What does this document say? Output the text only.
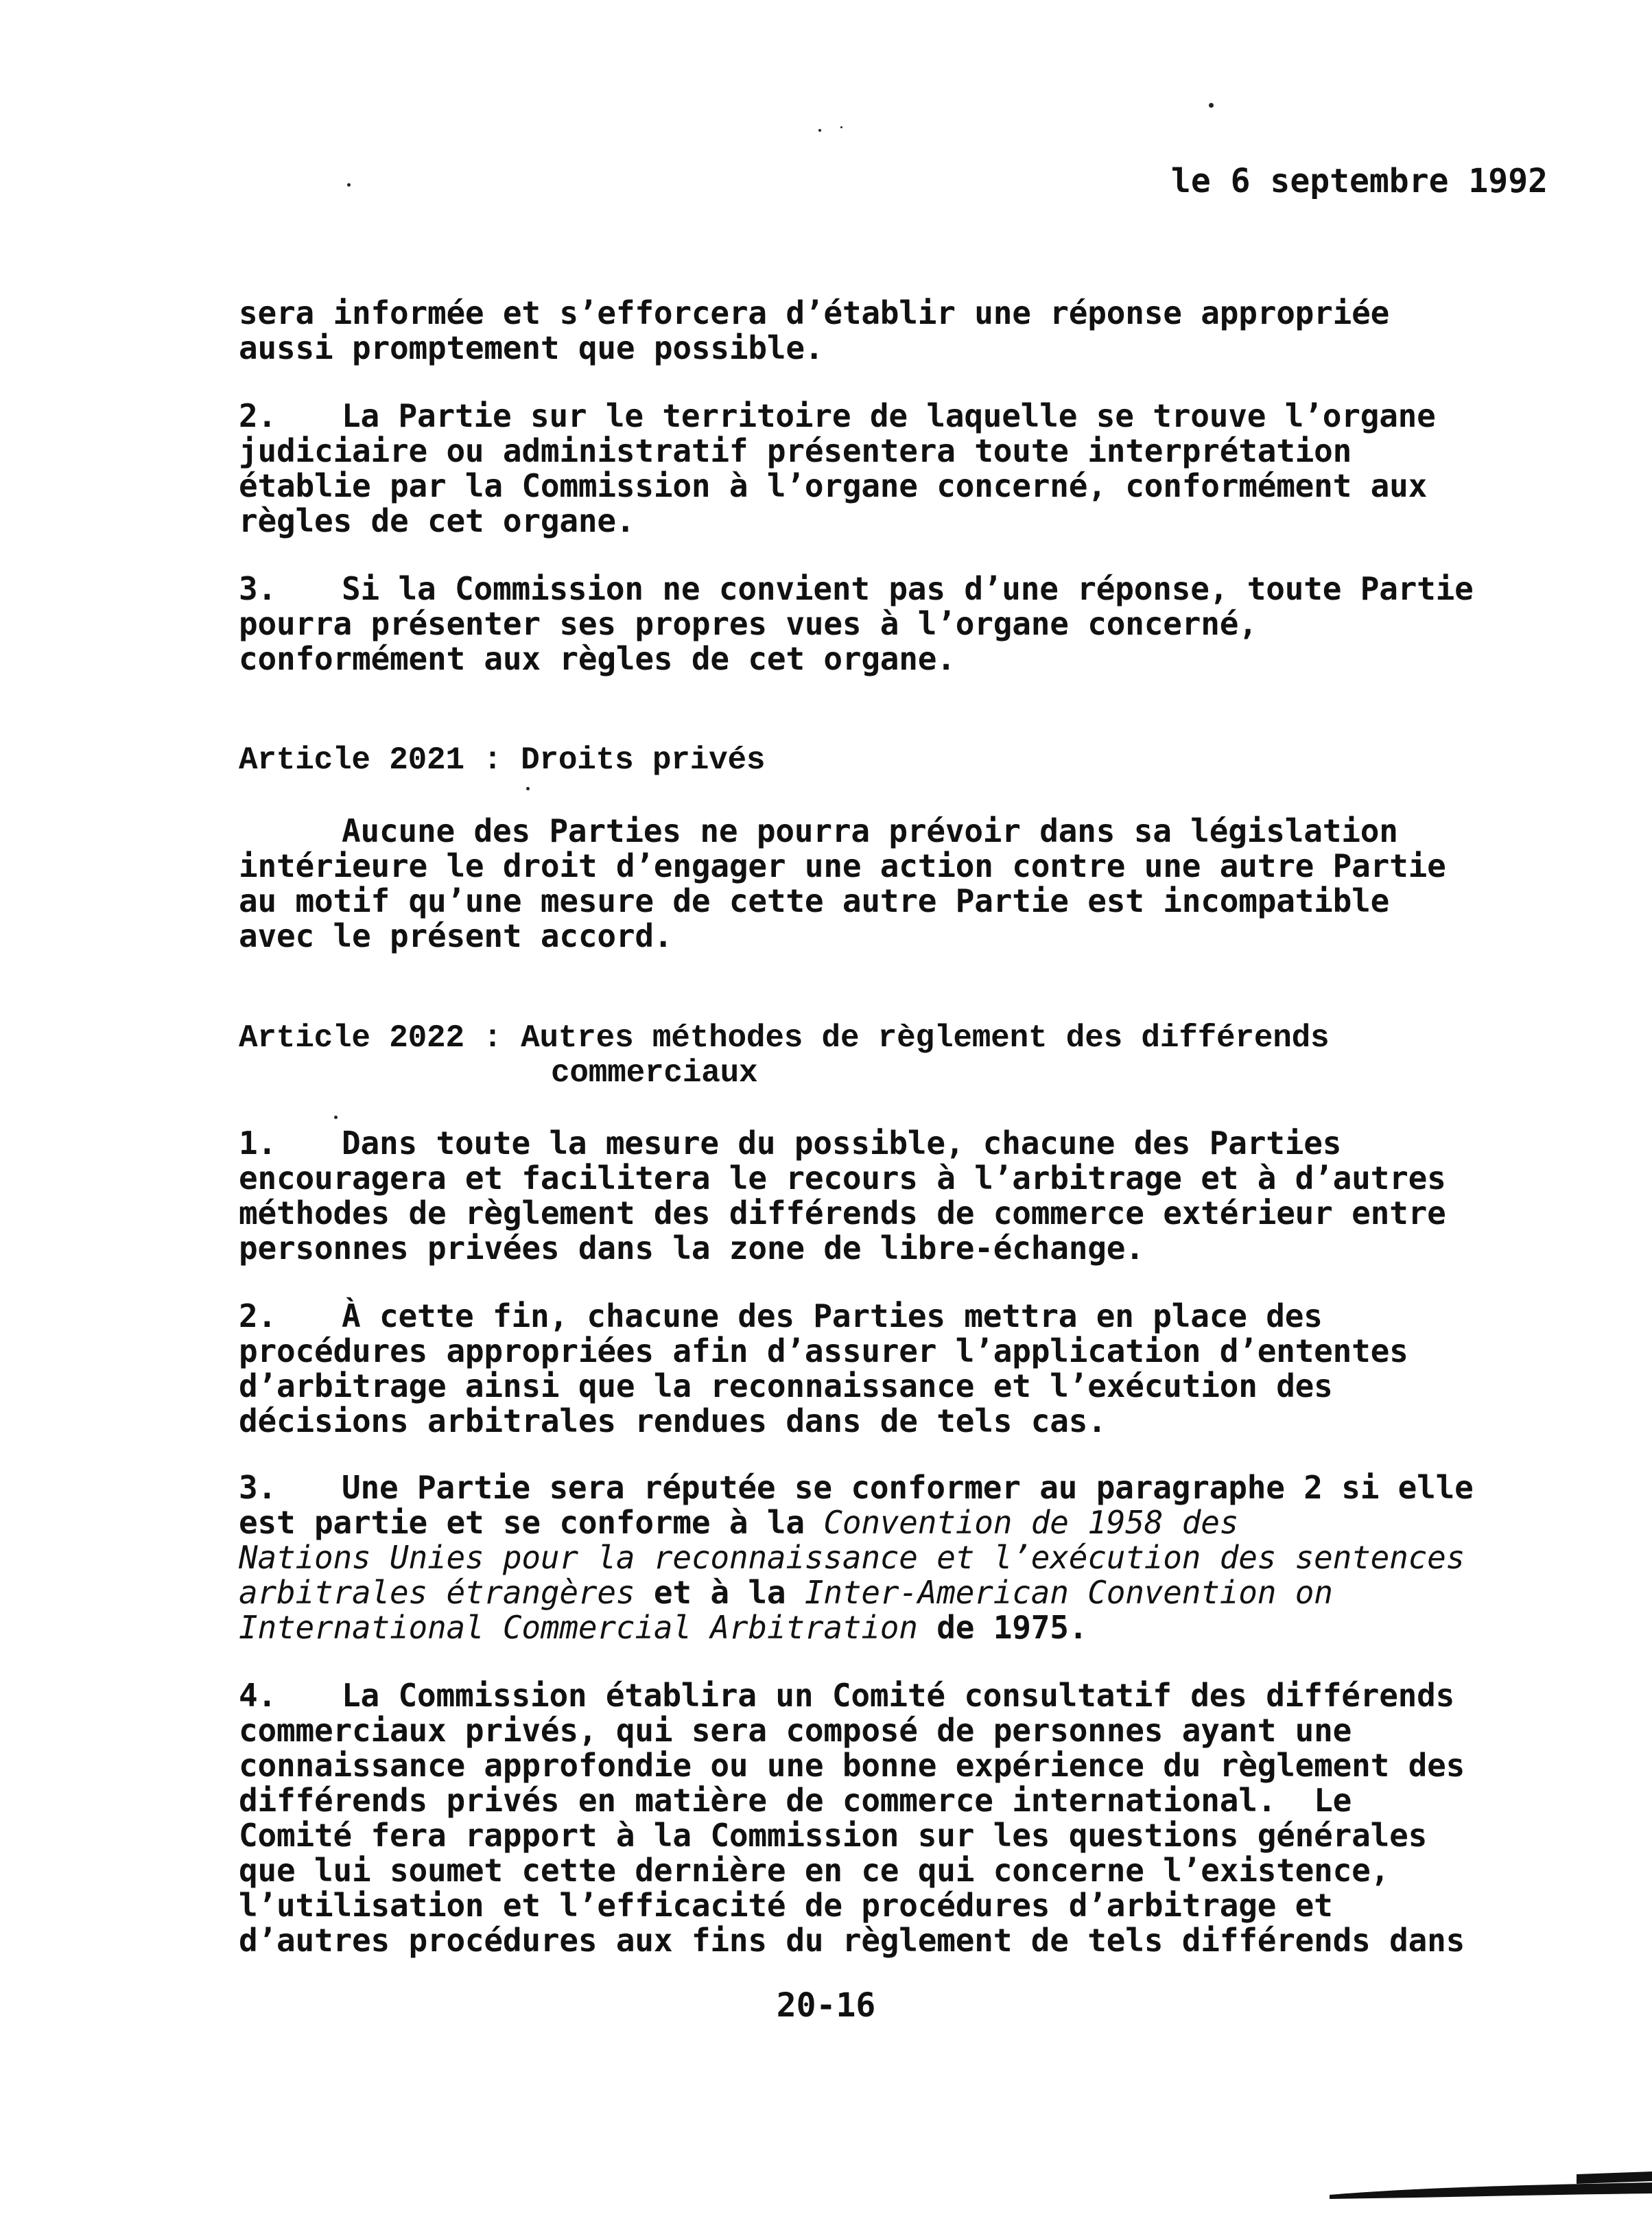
le 6 septembre 1992

sera informée et s’efforcera d’établir une réponse appropriée
aussi promptement que possible.
2. La Partie sur le territoire de laquelle se trouve l’organe
judiciaire ou administratif présentera toute interprétation
établie par la Commission à l’organe concerné, conformément aux
règles de cet organe.
3. Si la Commission ne convient pas d’une réponse, toute Partie
pourra présenter ses propres vues à l’organe concerné,
conformément aux règles de cet organe.
Article 2021 : Droits privés
Aucune des Parties ne pourra prévoir dans sa législation
intérieure le droit d’engager une action contre une autre Partie
au motif qu’une mesure de cette autre Partie est incompatible
avec le présent accord.
Article 2022 : Autres méthodes de règlement des différends
commerciaux
1. Dans toute la mesure du possible, chacune des Parties
encouragera et facilitera le recours à l’arbitrage et à d’autres
méthodes de règlement des différends de commerce extérieur entre
personnes privées dans la zone de libre-échange.
2. À cette fin, chacune des Parties mettra en place des
procédures appropriées afin d’assurer l’application d’ententes
d’arbitrage ainsi que la reconnaissance et l’exécution des
décisions arbitrales rendues dans de tels cas.
3. Une Partie sera réputée se conformer au paragraphe 2 si elle
est partie et se conforme à la Convention de 1958 des
Nations Unies pour la reconnaissance et l’exécution des sentences
arbitrales étrangères et à la Inter-American Convention on
International Commercial Arbitration de 1975.
4. La Commission établira un Comité consultatif des différends
commerciaux privés, qui sera composé de personnes ayant une
connaissance approfondie ou une bonne expérience du règlement des
différends privés en matière de commerce international.  Le
Comité fera rapport à la Commission sur les questions générales
que lui soumet cette dernière en ce qui concerne l’existence,
l’utilisation et l’efficacité de procédures d’arbitrage et
d’autres procédures aux fins du règlement de tels différends dans
20-16
